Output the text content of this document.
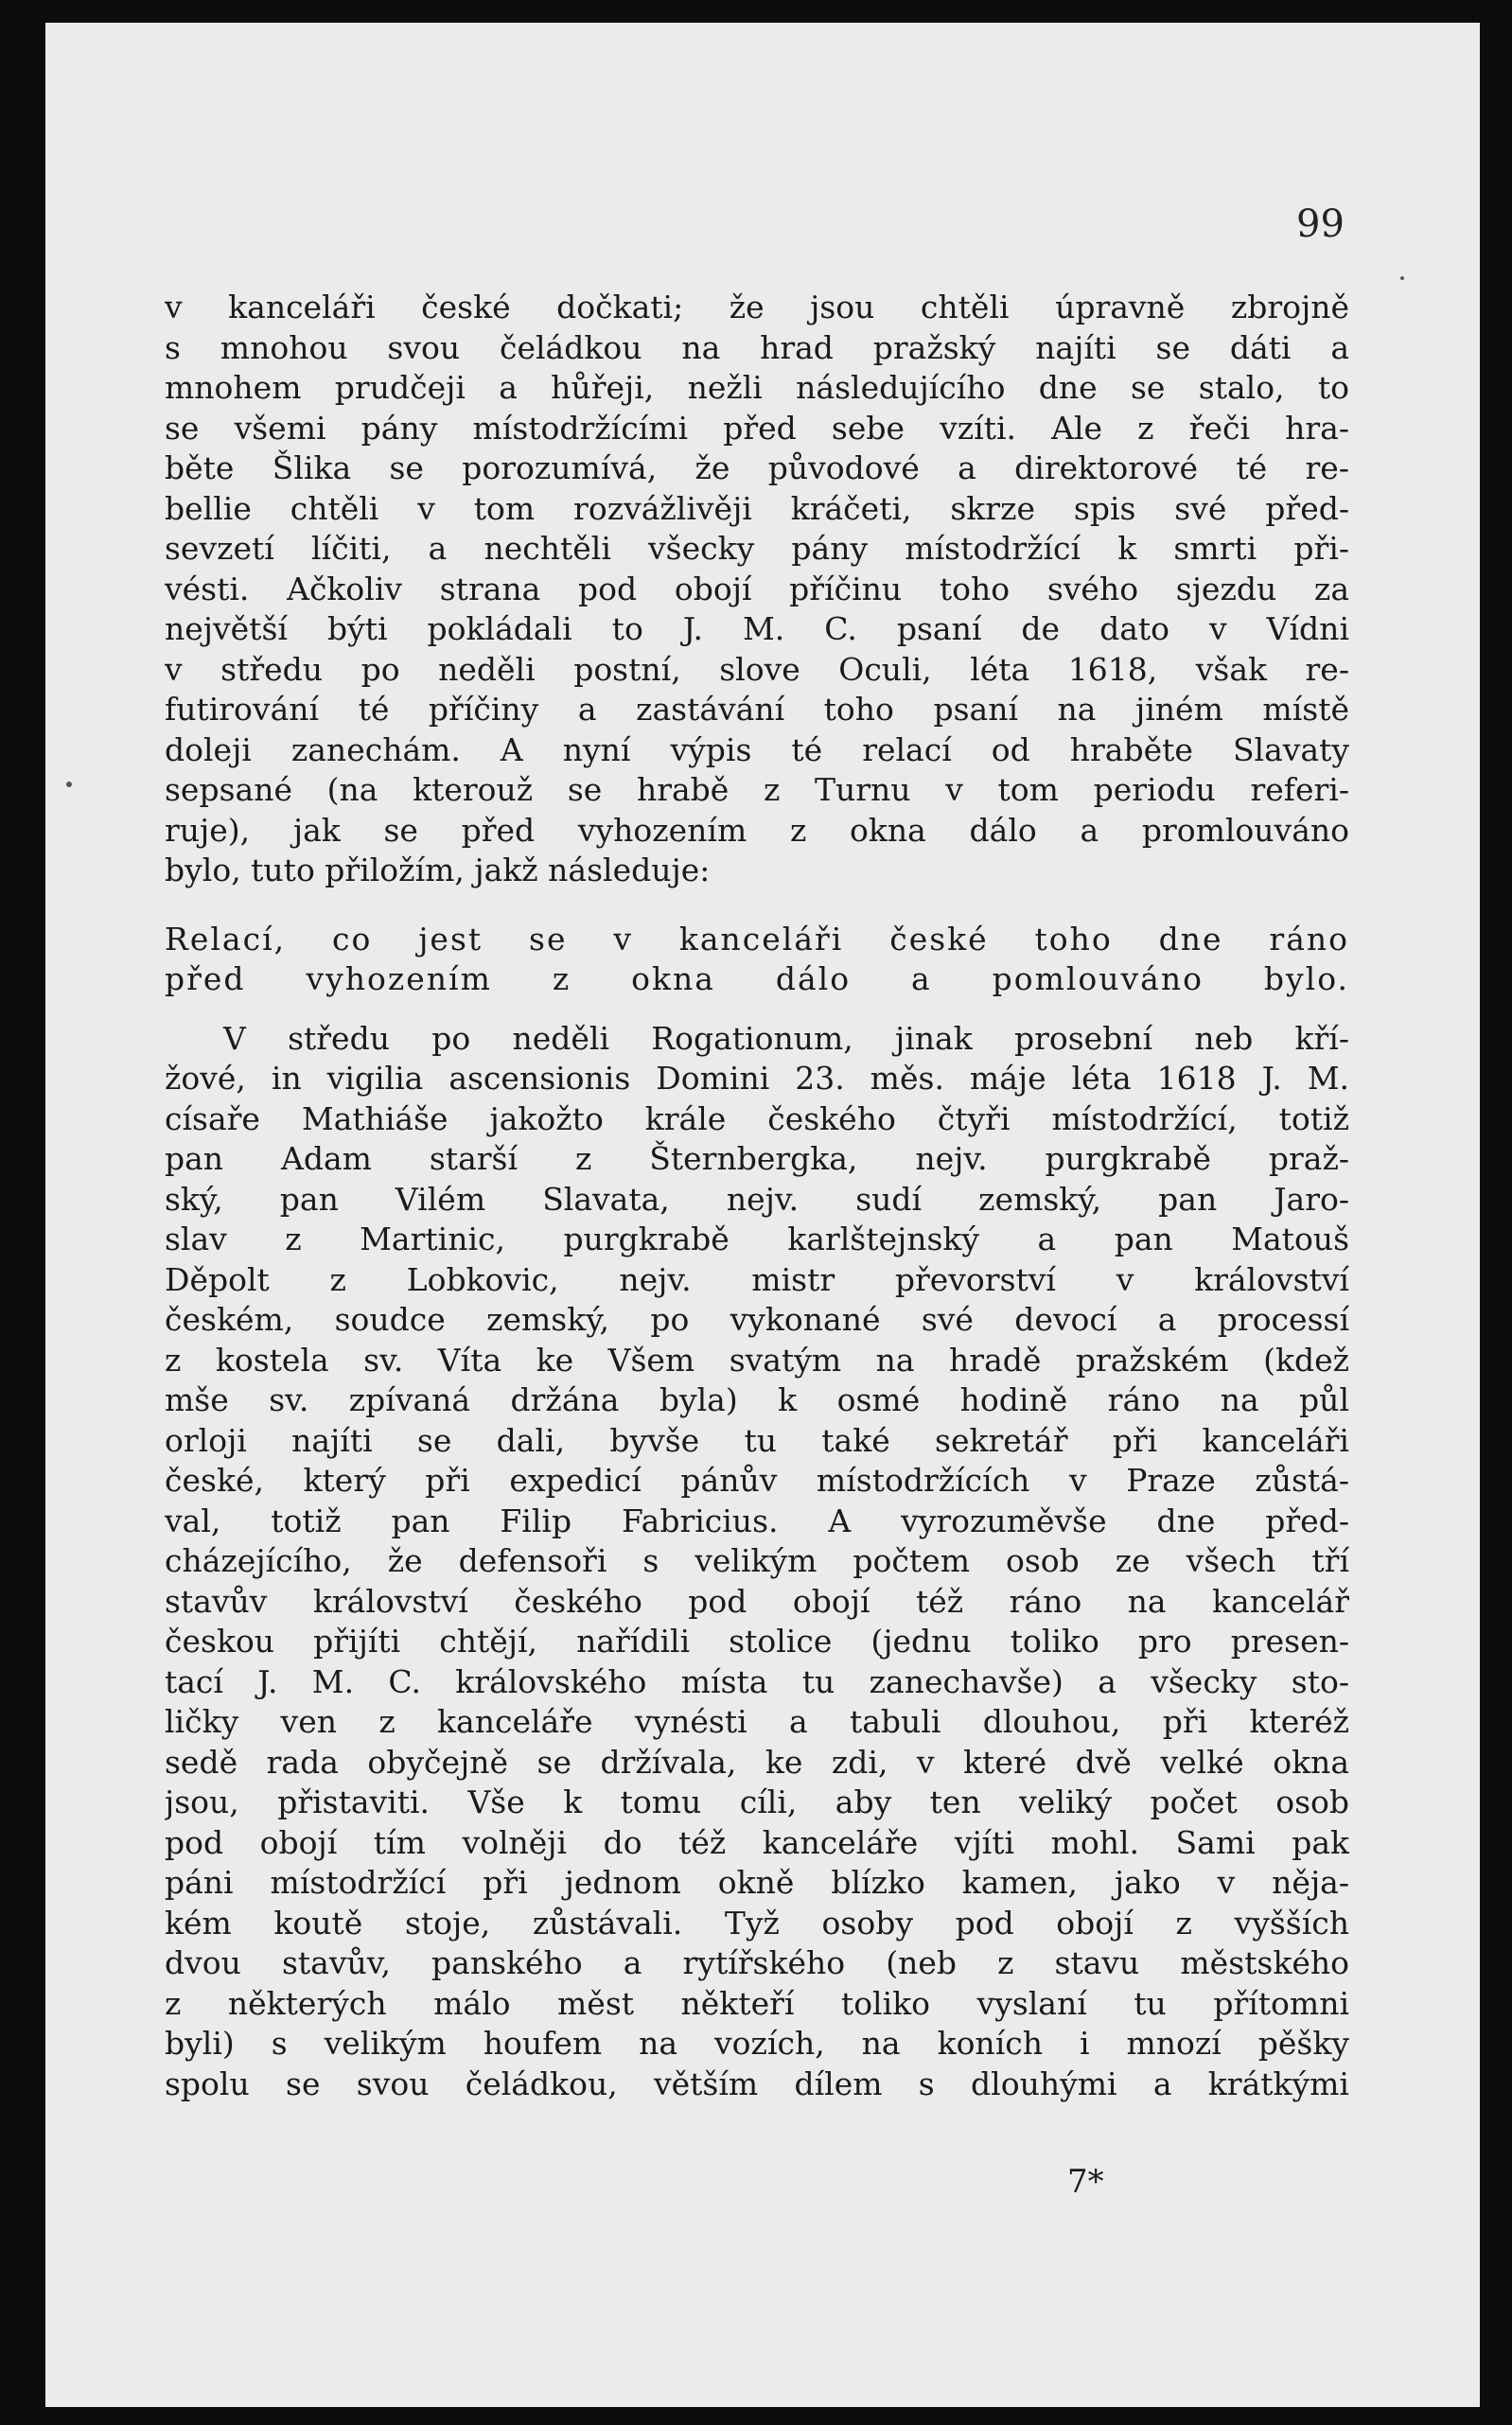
99
v kanceláři české dočkati; že jsou chtěli úpravně zbrojně
s mnohou svou čeládkou na hrad pražský najíti se dáti a
mnohem prudčeji a hůřeji, nežli následujícího dne se stalo, to
se všemi pány místodržícími před sebe vzíti. Ale z řeči hra-
běte Šlika se porozumívá, že původové a direktorové té re-
bellie chtěli v tom rozvážlivěji kráčeti, skrze spis své před-
sevzetí líčiti, a nechtěli všecky pány místodržící k smrti při-
vésti. Ačkoliv strana pod obojí příčinu toho svého sjezdu za
největší býti pokládali to J. M. C. psaní de dato v Vídni
v středu po neděli postní, slove Oculi, léta 1618, však re-
futirování té příčiny a zastávání toho psaní na jiném místě
doleji zanechám. A nyní výpis té relací od hraběte Slavaty
sepsané (na kterouž se hrabě z Turnu v tom periodu referi-
ruje), jak se před vyhozením z okna dálo a promlouváno
bylo, tuto přiložím, jakž následuje:
Relací, co jest se v kanceláři české toho dne ráno
před vyhozením z okna dálo a pomlouváno bylo.
V středu po neděli Rogationum, jinak prosební neb kří-
žové, in vigilia ascensionis Domini 23. měs. máje léta 1618 J. M.
císaře Mathiáše jakožto krále českého čtyři místodržící, totiž
pan Adam starší z Šternbergka, nejv. purgkrabě praž-
ský, pan Vilém Slavata, nejv. sudí zemský, pan Jaro-
slav z Martinic, purgkrabě karlštejnský a pan Matouš
Děpolt z Lobkovic, nejv. mistr převorství v království
českém, soudce zemský, po vykonané své devocí a processí
z kostela sv. Víta ke Všem svatým na hradě pražském (kdež
mše sv. zpívaná držána byla) k osmé hodině ráno na půl
orloji najíti se dali, byvše tu také sekretář při kanceláři
české, který při expedicí pánův místodržících v Praze zůstá-
val, totiž pan Filip Fabricius. A vyrozuměvše dne před-
cházejícího, že defensoři s velikým počtem osob ze všech tří
stavův království českého pod obojí též ráno na kancelář
českou přijíti chtějí, nařídili stolice (jednu toliko pro presen-
tací J. M. C. královského místa tu zanechavše) a všecky sto-
ličky ven z kanceláře vynésti a tabuli dlouhou, při kteréž
sedě rada obyčejně se držívala, ke zdi, v které dvě velké okna
jsou, přistaviti. Vše k tomu cíli, aby ten veliký počet osob
pod obojí tím volněji do též kanceláře vjíti mohl. Sami pak
páni místodržící při jednom okně blízko kamen, jako v něja-
kém koutě stoje, zůstávali. Tyž osoby pod obojí z vyšších
dvou stavův, panského a rytířského (neb z stavu městského
z některých málo měst někteří toliko vyslaní tu přítomni
byli) s velikým houfem na vozích, na koních i mnozí pěšky
spolu se svou čeládkou, větším dílem s dlouhými a krátkými
7*
